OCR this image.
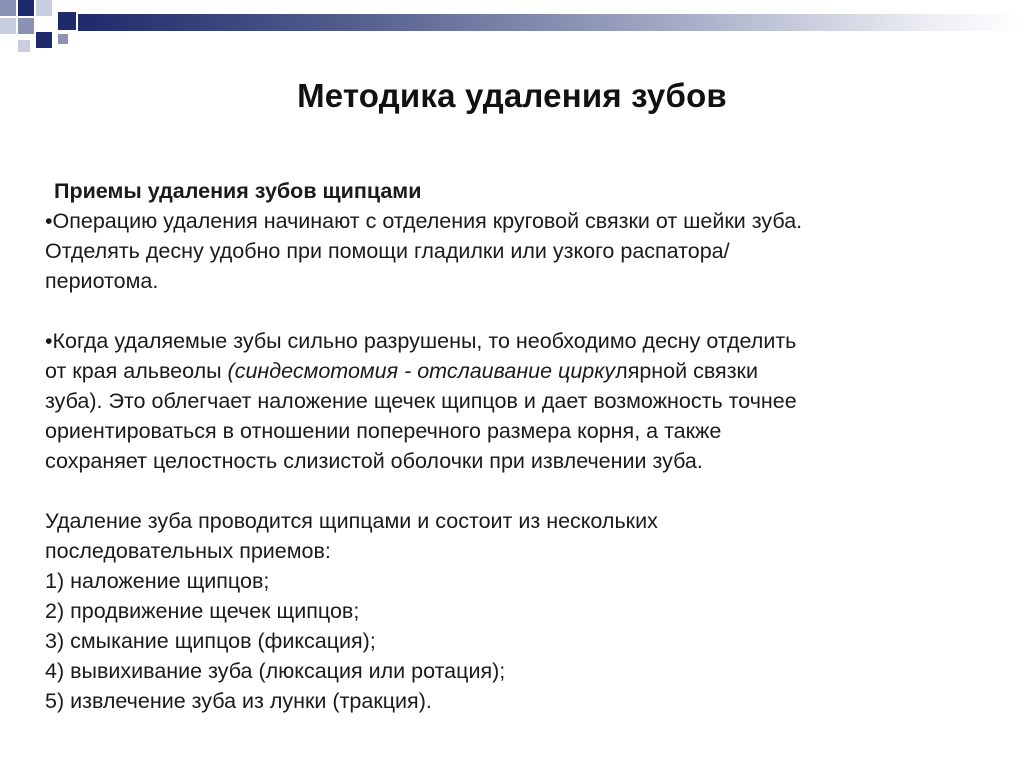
Методика удаления зубов

Приемы удаления зубов щипцами

•Операцию удаления начинают с отделения круговой связки от шейки зуба.

Отделять десну удобно при помощи гладилки или узкого распатора/

периотома.

•Когда удаляемые зубы сильно разрушены, то необходимо десну отделить

от края альвеолы (синдесмотомия - отслаивание циркулярной связки

зуба). Это облегчает наложение щечек щипцов и дает возможность точнее

ориентироваться в отношении поперечного размера корня, а также

сохраняет целостность слизистой оболочки при извлечении зуба.

Удаление зуба проводится щипцами и состоит из нескольких

последовательных приемов:

1) наложение щипцов;

2) продвижение щечек щипцов;

3) смыкание щипцов (фиксация);

4) вывихивание зуба (люксация или ротация);

5) извлечение зуба из лунки (тракция).
